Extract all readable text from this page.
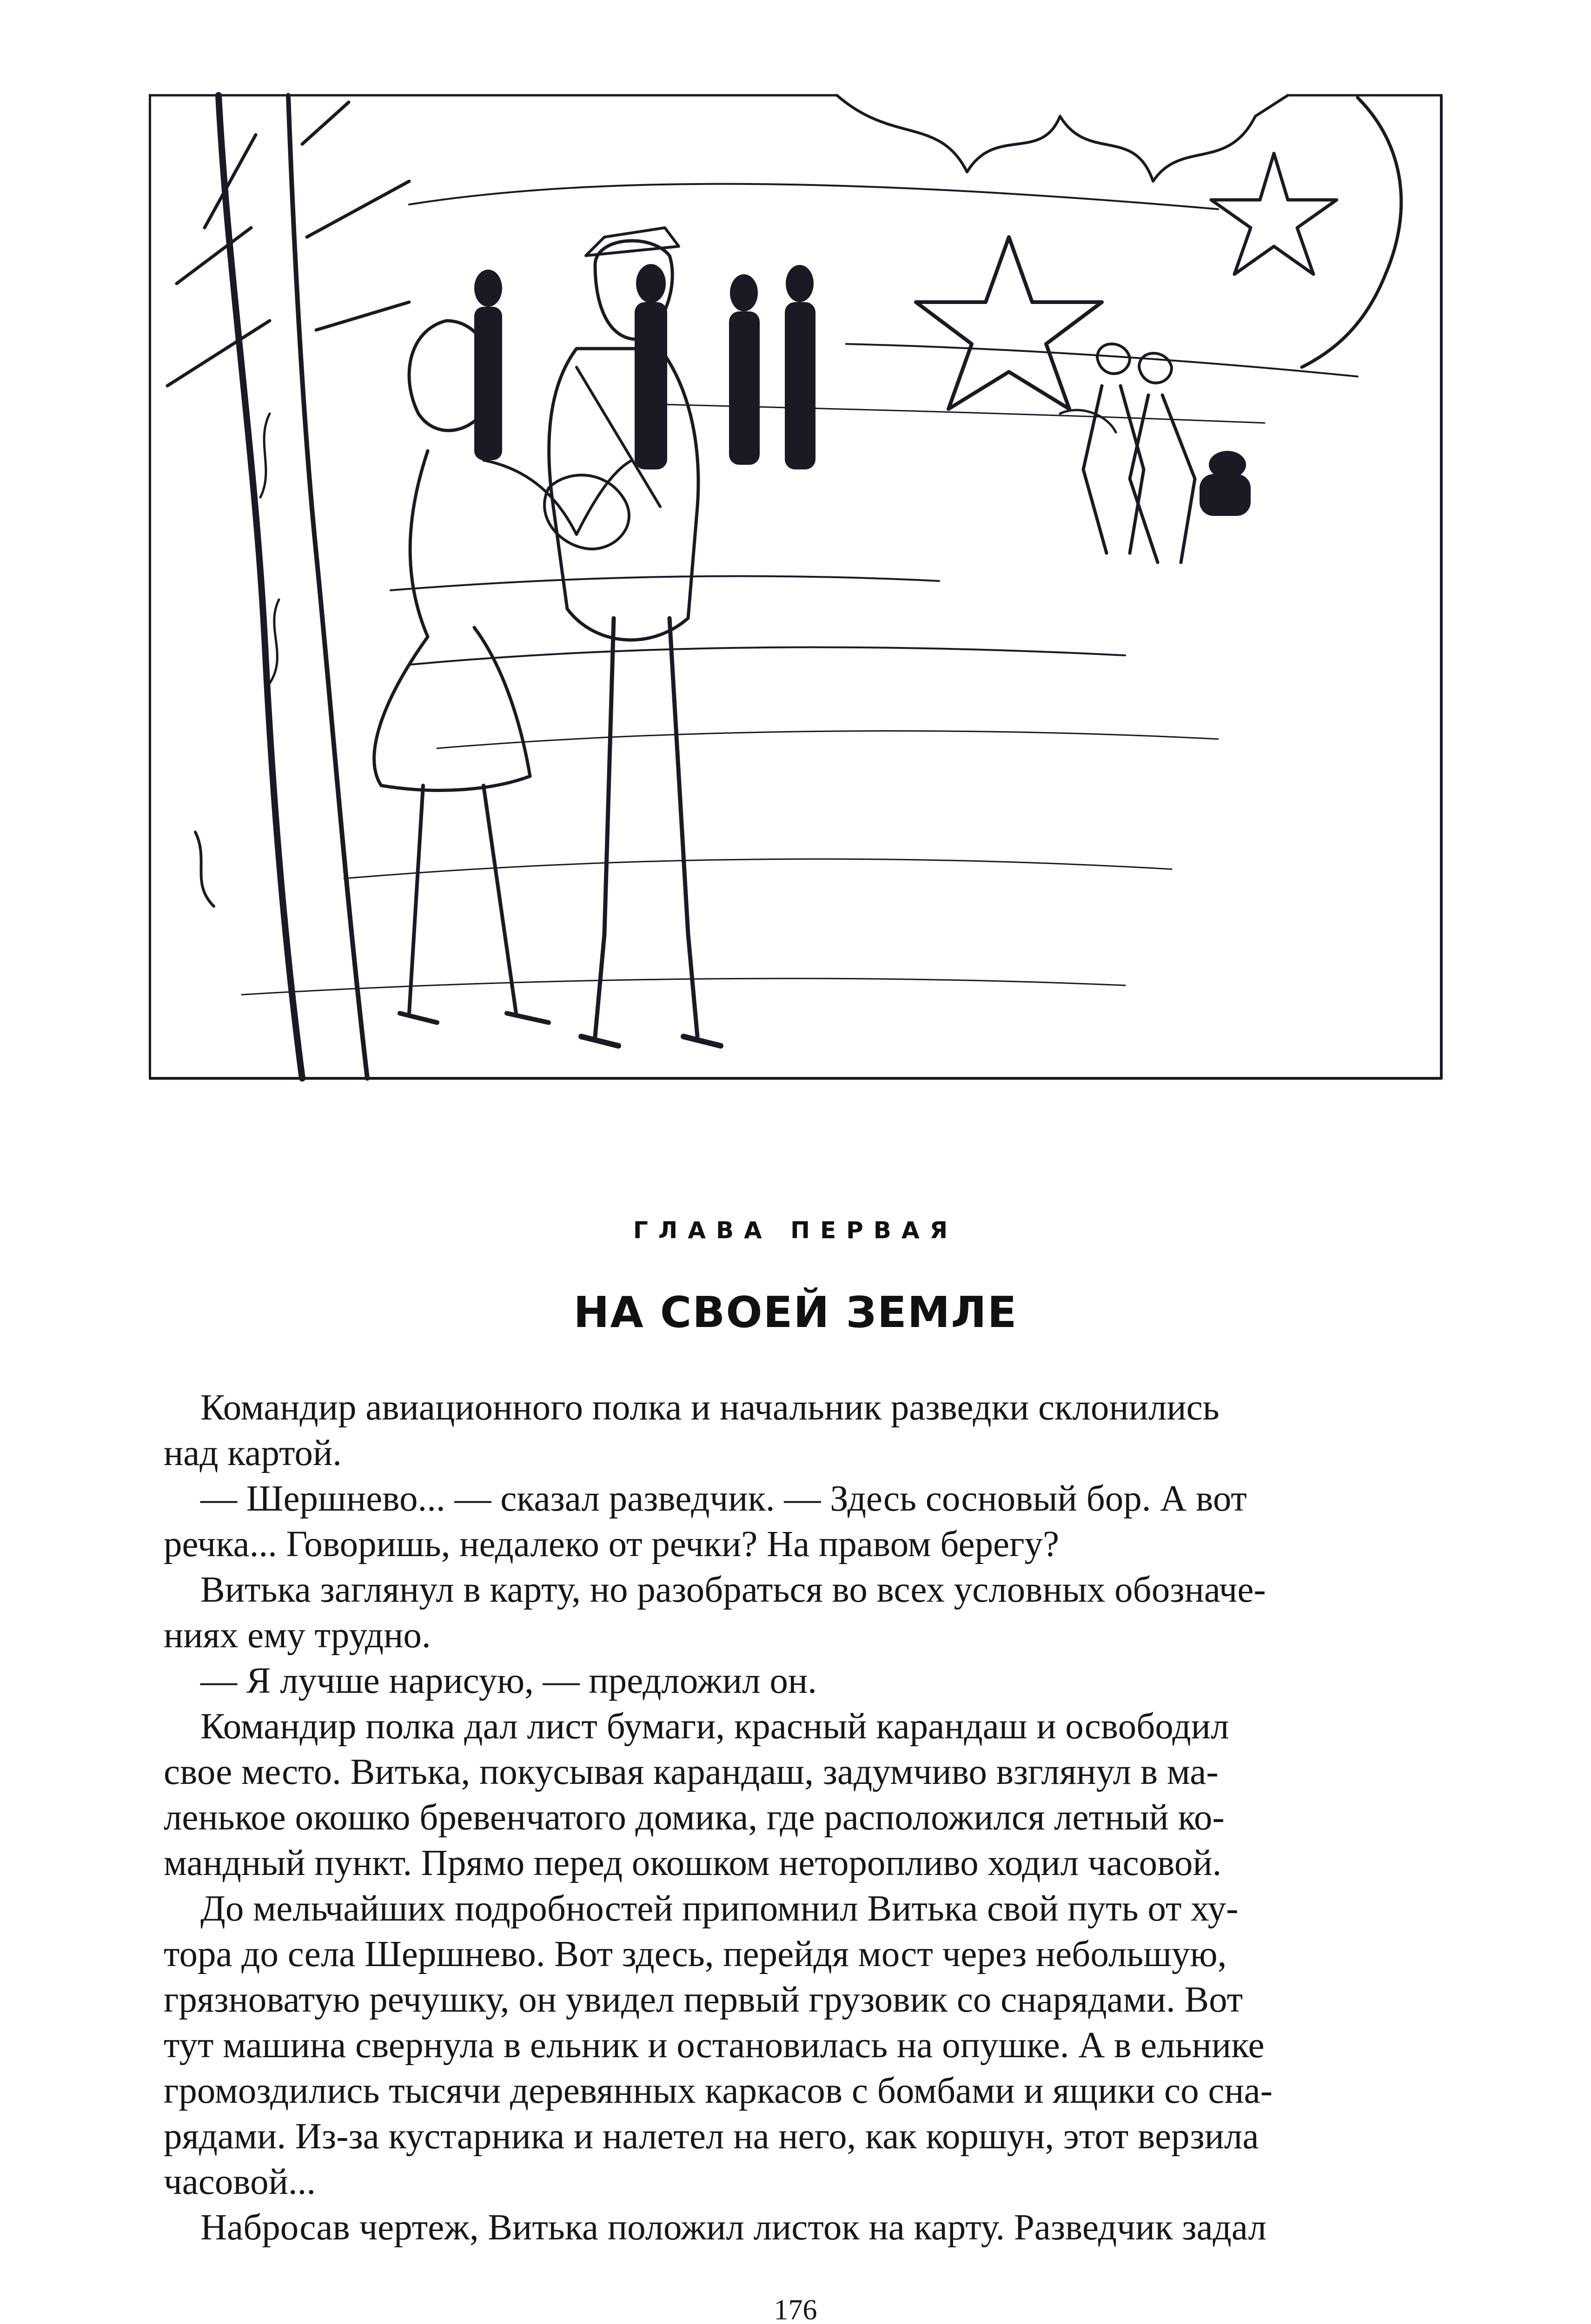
ГЛАВА ПЕРВАЯ
НА СВОЕЙ ЗЕМЛЕ

 Командир авиационного полка и начальник разведки склонились
над картой.

 — Шершнево... — сказал разведчик. — Здесь сосновый бор. А вот
речка... Говоришь, недалеко от речки? На правом берегу?

 Витька заглянул в карту, но разобраться во всех условных обозначе-
ниях ему трудно.

 — Я лучше нарисую, — предложил он.

 Командир полка дал лист бумаги, красный карандаш и освободил
свое место. Витька, покусывая карандаш, задумчиво взглянул в ма-
ленькое окошко бревенчатого домика, где расположился летный ко-
мандный пункт. Прямо перед окошком неторопливо ходил часовой.

 До мельчайших подробностей припомнил Витька свой путь от ху-
тора до села Шершнево. Вот здесь, перейдя мост через небольшую,
грязноватую речушку, он увидел первый грузовик со снарядами. Вот
тут машина свернула в ельник и остановилась на опушке. А в ельнике
громоздились тысячи деревянных каркасов с бомбами и ящики со сна-
рядами. Из-за кустарника и налетел на него, как коршун, этот верзила
часовой...

 Набросав чертеж, Витька положил листок на карту. Разведчик задал

176
